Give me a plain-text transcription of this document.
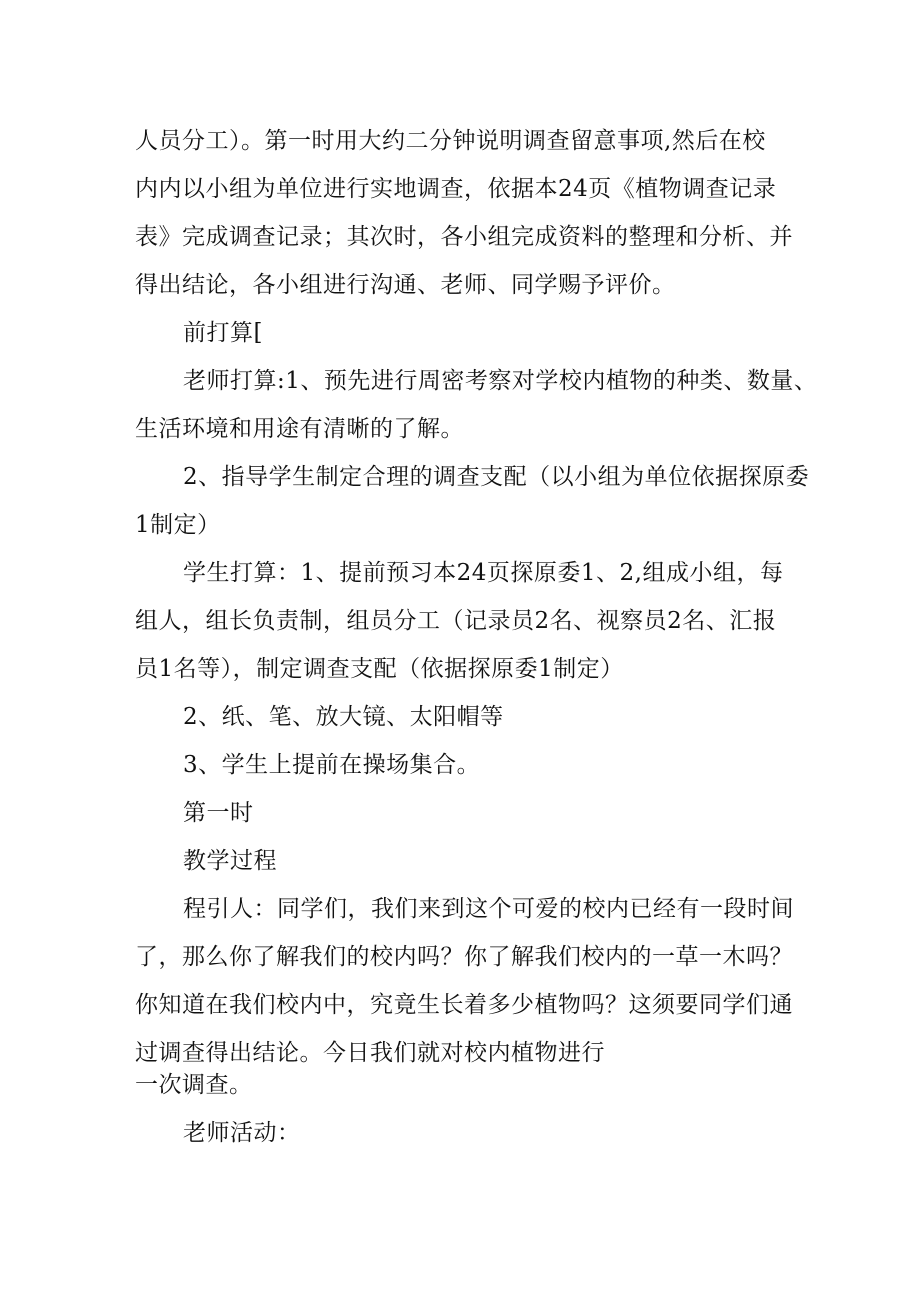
人员分工）。第一时用大约二分钟说明调查留意事项,然后在校
内内以小组为单位进行实地调查，依据本24页《植物调查记录
表》完成调查记录；其次时，各小组完成资料的整理和分析、并
得出结论，各小组进行沟通、老师、同学赐予评价。
前打算[
老师打算:1、预先进行周密考察对学校内植物的种类、数量、
生活环境和用途有清晰的了解。
2、指导学生制定合理的调查支配（以小组为单位依据探原委
1制定）
学生打算：1、提前预习本24页探原委1、2,组成小组，每
组人，组长负责制，组员分工（记录员2名、视察员2名、汇报
员1名等），制定调查支配（依据探原委1制定）
2、纸、笔、放大镜、太阳帽等
3、学生上提前在操场集合。
第一时
教学过程
程引人：同学们，我们来到这个可爱的校内已经有一段时间
了，那么你了解我们的校内吗？你了解我们校内的一草一木吗？
你知道在我们校内中，究竟生长着多少植物吗？这须要同学们通
过调查得出结论。今日我们就对校内植物进行
一次调查。
老师活动：
